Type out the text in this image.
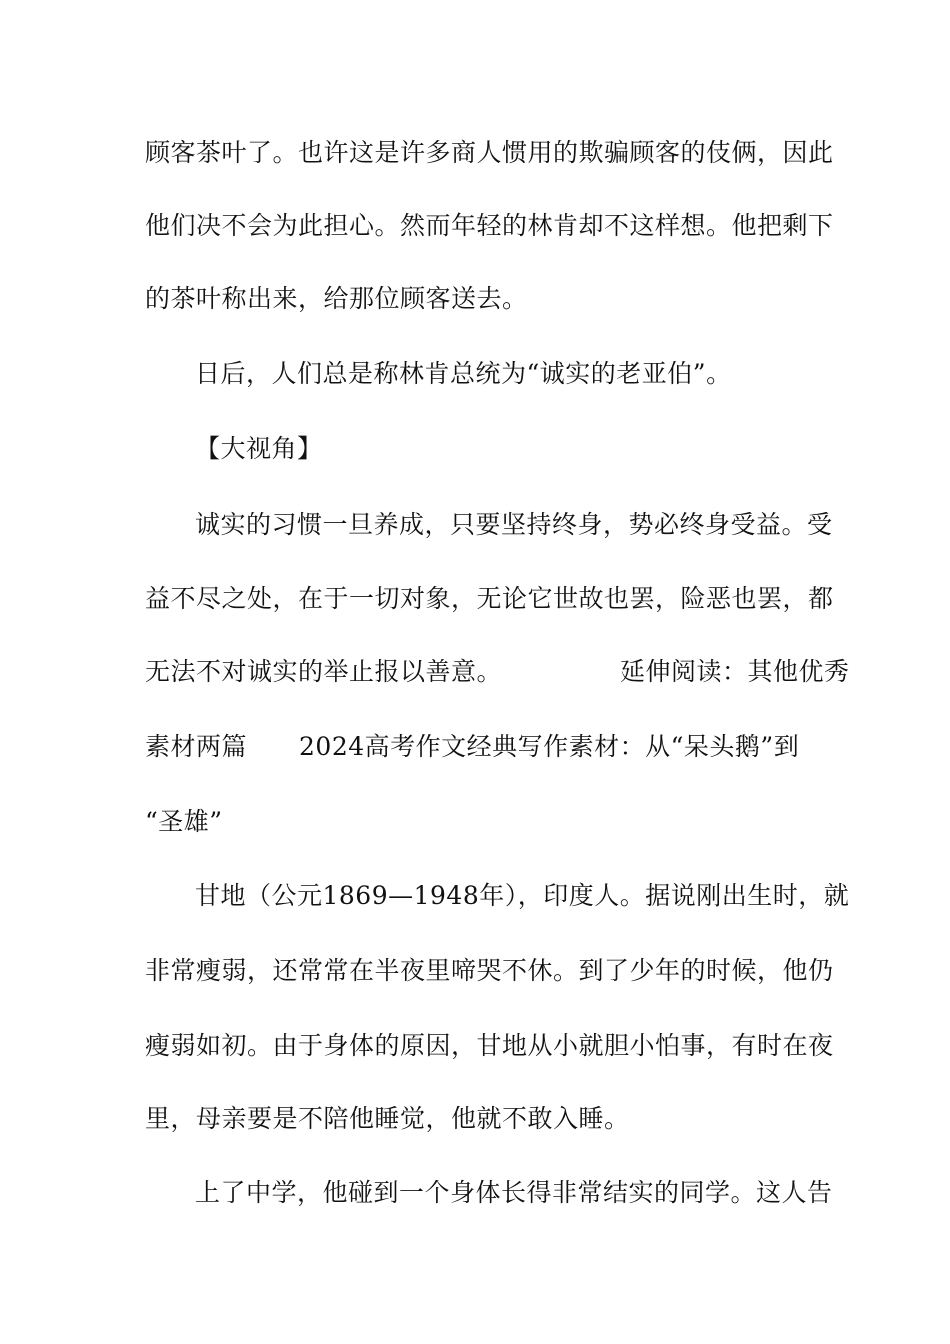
顾客茶叶了。也许这是许多商人惯用的欺骗顾客的伎俩，因此
他们决不会为此担心。然而年轻的林肯却不这样想。他把剩下
的茶叶称出来，给那位顾客送去。
日后，人们总是称林肯总统为“诚实的老亚伯”。
【大视角】
诚实的习惯一旦养成，只要坚持终身，势必终身受益。受
益不尽之处，在于一切对象，无论它世故也罢，险恶也罢，都
无法不对诚实的举止报以善意。	延伸阅读：其他优秀
素材两篇 2024高考作文经典写作素材：从“呆头鹅”到
“圣雄”
甘地（公元1869—1948年），印度人。据说刚出生时，就
非常瘦弱，还常常在半夜里啼哭不休。到了少年的时候，他仍
瘦弱如初。由于身体的原因，甘地从小就胆小怕事，有时在夜
里，母亲要是不陪他睡觉，他就不敢入睡。
上了中学，他碰到一个身体长得非常结实的同学。这人告
